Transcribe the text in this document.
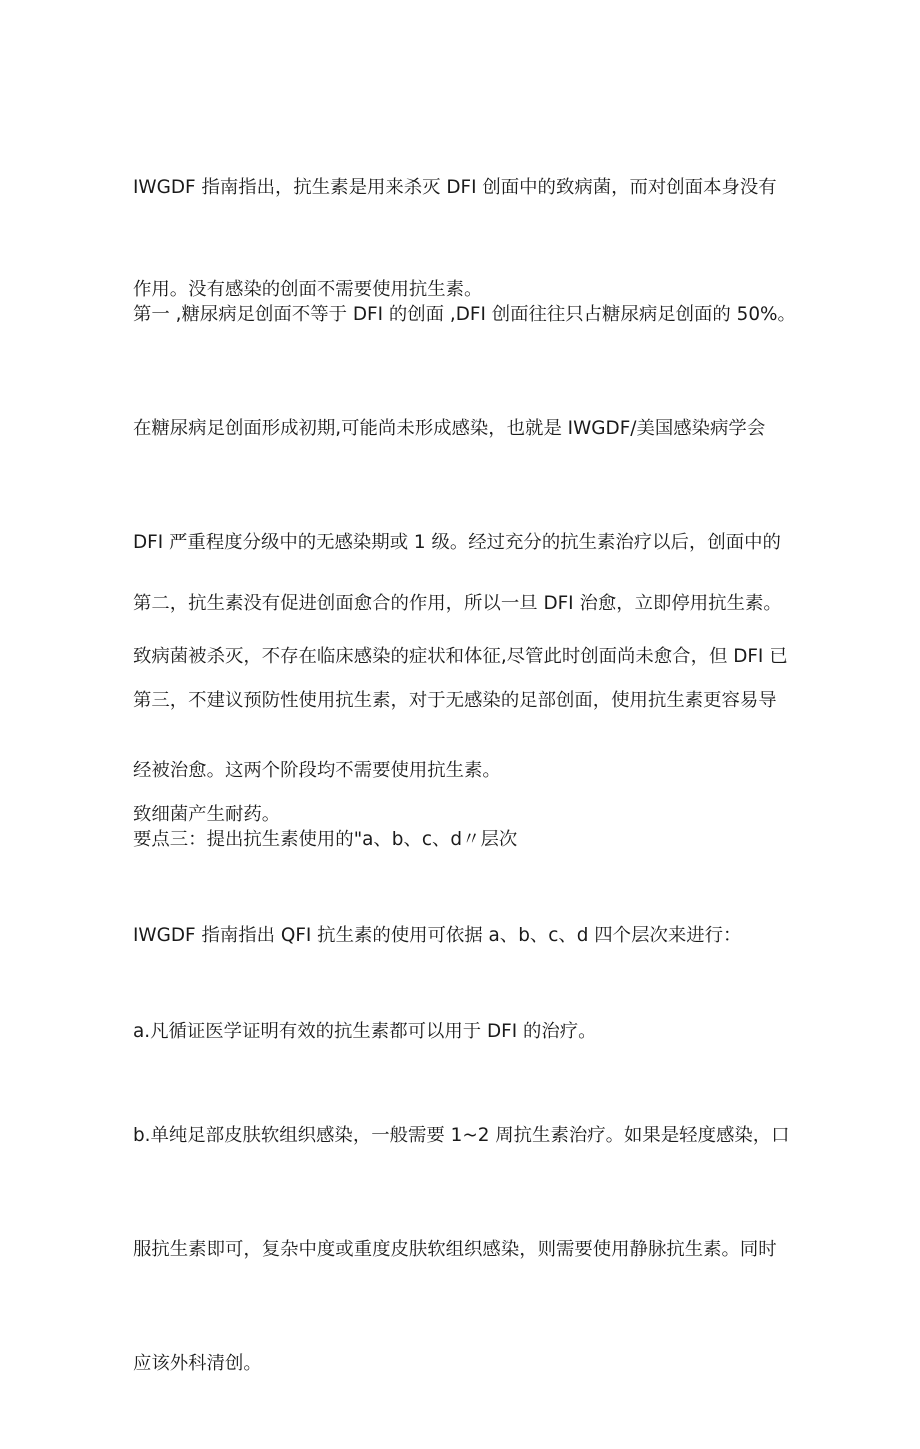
IWGDF 指南指出，抗生素是用来杀灭 DFI 创面中的致病菌，而对创面本身没有

作用。没有感染的创面不需要使用抗生素。

第一 ,糖尿病足创面不等于 DFI 的创面 ,DFI 创面往往只占糖尿病足创面的 50%。

在糖尿病足创面形成初期,可能尚未形成感染，也就是 IWGDF/美国感染病学会

DFI 严重程度分级中的无感染期或 1 级。经过充分的抗生素治疗以后，创面中的

致病菌被杀灭，不存在临床感染的症状和体征,尽管此时创面尚未愈合，但 DFI 已

经被治愈。这两个阶段均不需要使用抗生素。

第二，抗生素没有促进创面愈合的作用，所以一旦 DFI 治愈，立即停用抗生素。

第三，不建议预防性使用抗生素，对于无感染的足部创面，使用抗生素更容易导

致细菌产生耐药。

要点三：提出抗生素使用的"a、b、c、d〃层次

IWGDF 指南指出 QFI 抗生素的使用可依据 a、b、c、d 四个层次来进行：

a.凡循证医学证明有效的抗生素都可以用于 DFI 的治疗。

b.单纯足部皮肤软组织感染，一般需要 1~2 周抗生素治疗。如果是轻度感染，口

服抗生素即可，复杂中度或重度皮肤软组织感染，则需要使用静脉抗生素。同时

应该外科清创。
